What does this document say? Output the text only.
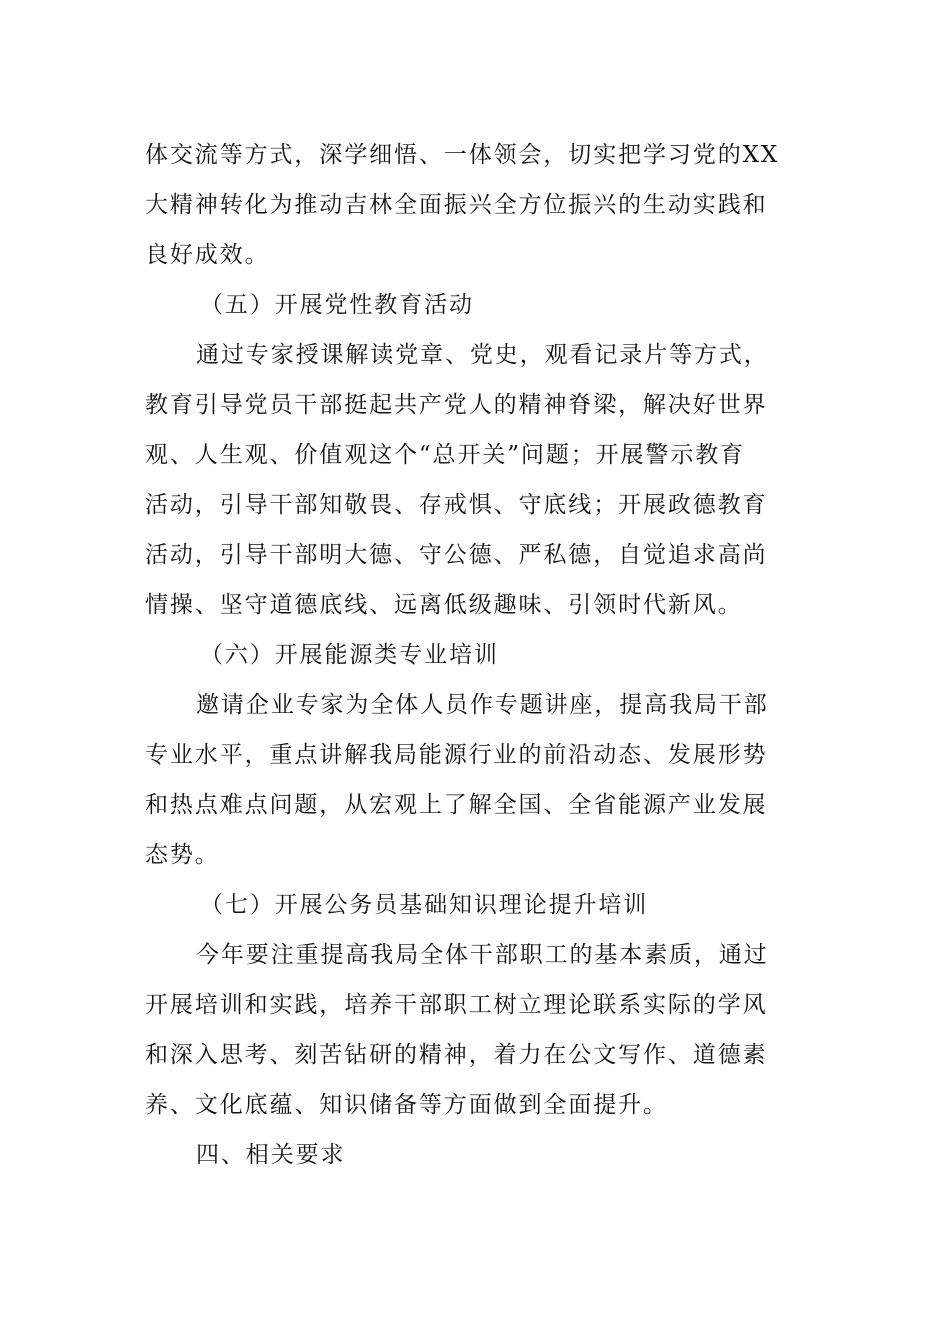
体交流等方式，深学细悟、一体领会，切实把学习党的XX
大精神转化为推动吉林全面振兴全方位振兴的生动实践和
良好成效。
（五）开展党性教育活动
通过专家授课解读党章、党史，观看记录片等方式，
教育引导党员干部挺起共产党人的精神脊梁，解决好世界
观、人生观、价值观这个“总开关”问题；开展警示教育
活动，引导干部知敬畏、存戒惧、守底线；开展政德教育
活动，引导干部明大德、守公德、严私德，自觉追求高尚
情操、坚守道德底线、远离低级趣味、引领时代新风。
（六）开展能源类专业培训
邀请企业专家为全体人员作专题讲座，提高我局干部
专业水平，重点讲解我局能源行业的前沿动态、发展形势
和热点难点问题，从宏观上了解全国、全省能源产业发展
态势。
（七）开展公务员基础知识理论提升培训
今年要注重提高我局全体干部职工的基本素质，通过
开展培训和实践，培养干部职工树立理论联系实际的学风
和深入思考、刻苦钻研的精神，着力在公文写作、道德素
养、文化底蕴、知识储备等方面做到全面提升。
四、相关要求
